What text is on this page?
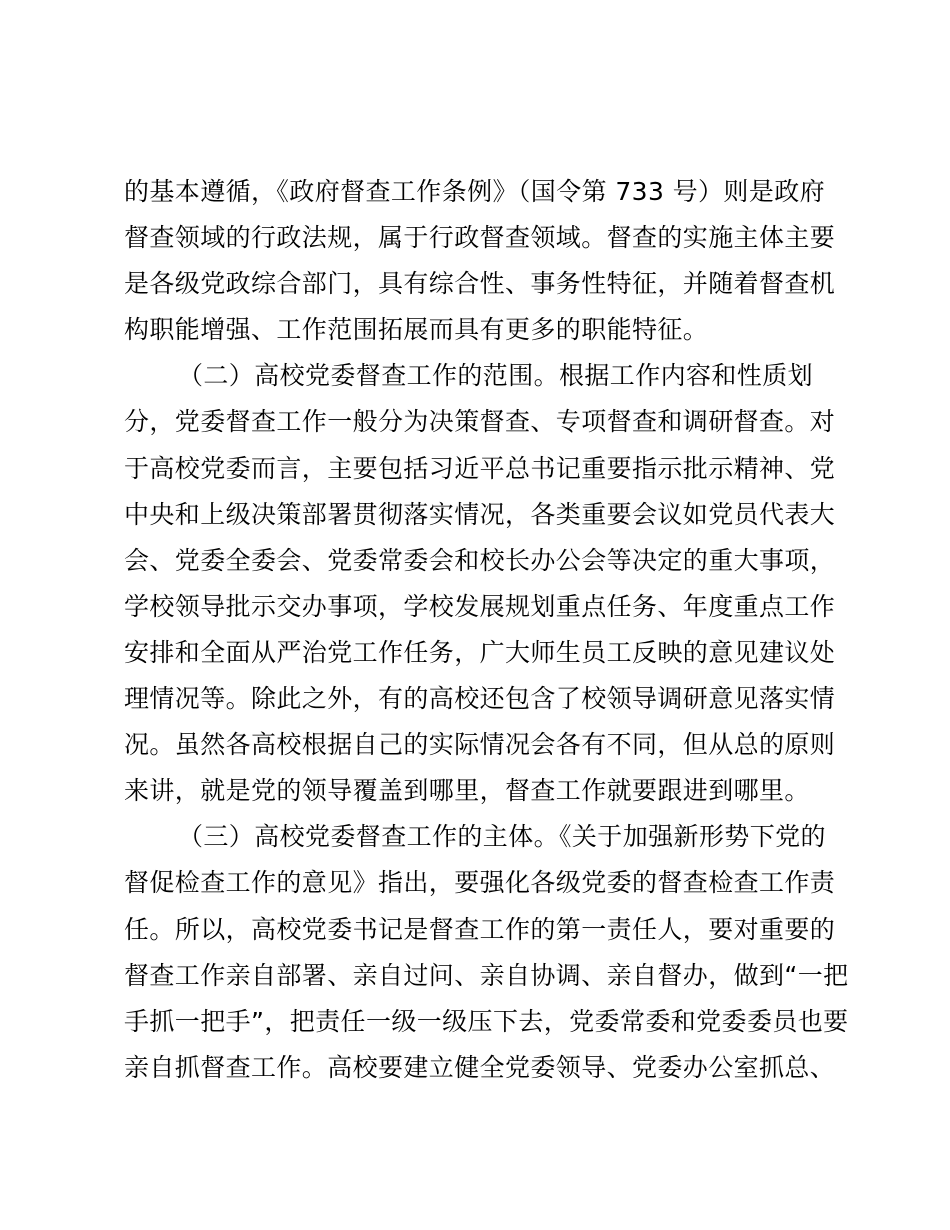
的基本遵循，《政府督查工作条例》（国令第 733 号）则是政府
督查领域的行政法规，属于行政督查领域。督查的实施主体主要
是各级党政综合部门，具有综合性、事务性特征，并随着督查机
构职能增强、工作范围拓展而具有更多的职能特征。
（二）高校党委督查工作的范围。根据工作内容和性质划
分，党委督查工作一般分为决策督查、专项督查和调研督查。对
于高校党委而言，主要包括习近平总书记重要指示批示精神、党
中央和上级决策部署贯彻落实情况，各类重要会议如党员代表大
会、党委全委会、党委常委会和校长办公会等决定的重大事项，
学校领导批示交办事项，学校发展规划重点任务、年度重点工作
安排和全面从严治党工作任务，广大师生员工反映的意见建议处
理情况等。除此之外，有的高校还包含了校领导调研意见落实情
况。虽然各高校根据自己的实际情况会各有不同，但从总的原则
来讲，就是党的领导覆盖到哪里，督查工作就要跟进到哪里。
（三）高校党委督查工作的主体。《关于加强新形势下党的
督促检查工作的意见》指出，要强化各级党委的督查检查工作责
任。所以，高校党委书记是督查工作的第一责任人，要对重要的
督查工作亲自部署、亲自过问、亲自协调、亲自督办，做到“一把
手抓一把手”，把责任一级一级压下去，党委常委和党委委员也要
亲自抓督查工作。高校要建立健全党委领导、党委办公室抓总、
